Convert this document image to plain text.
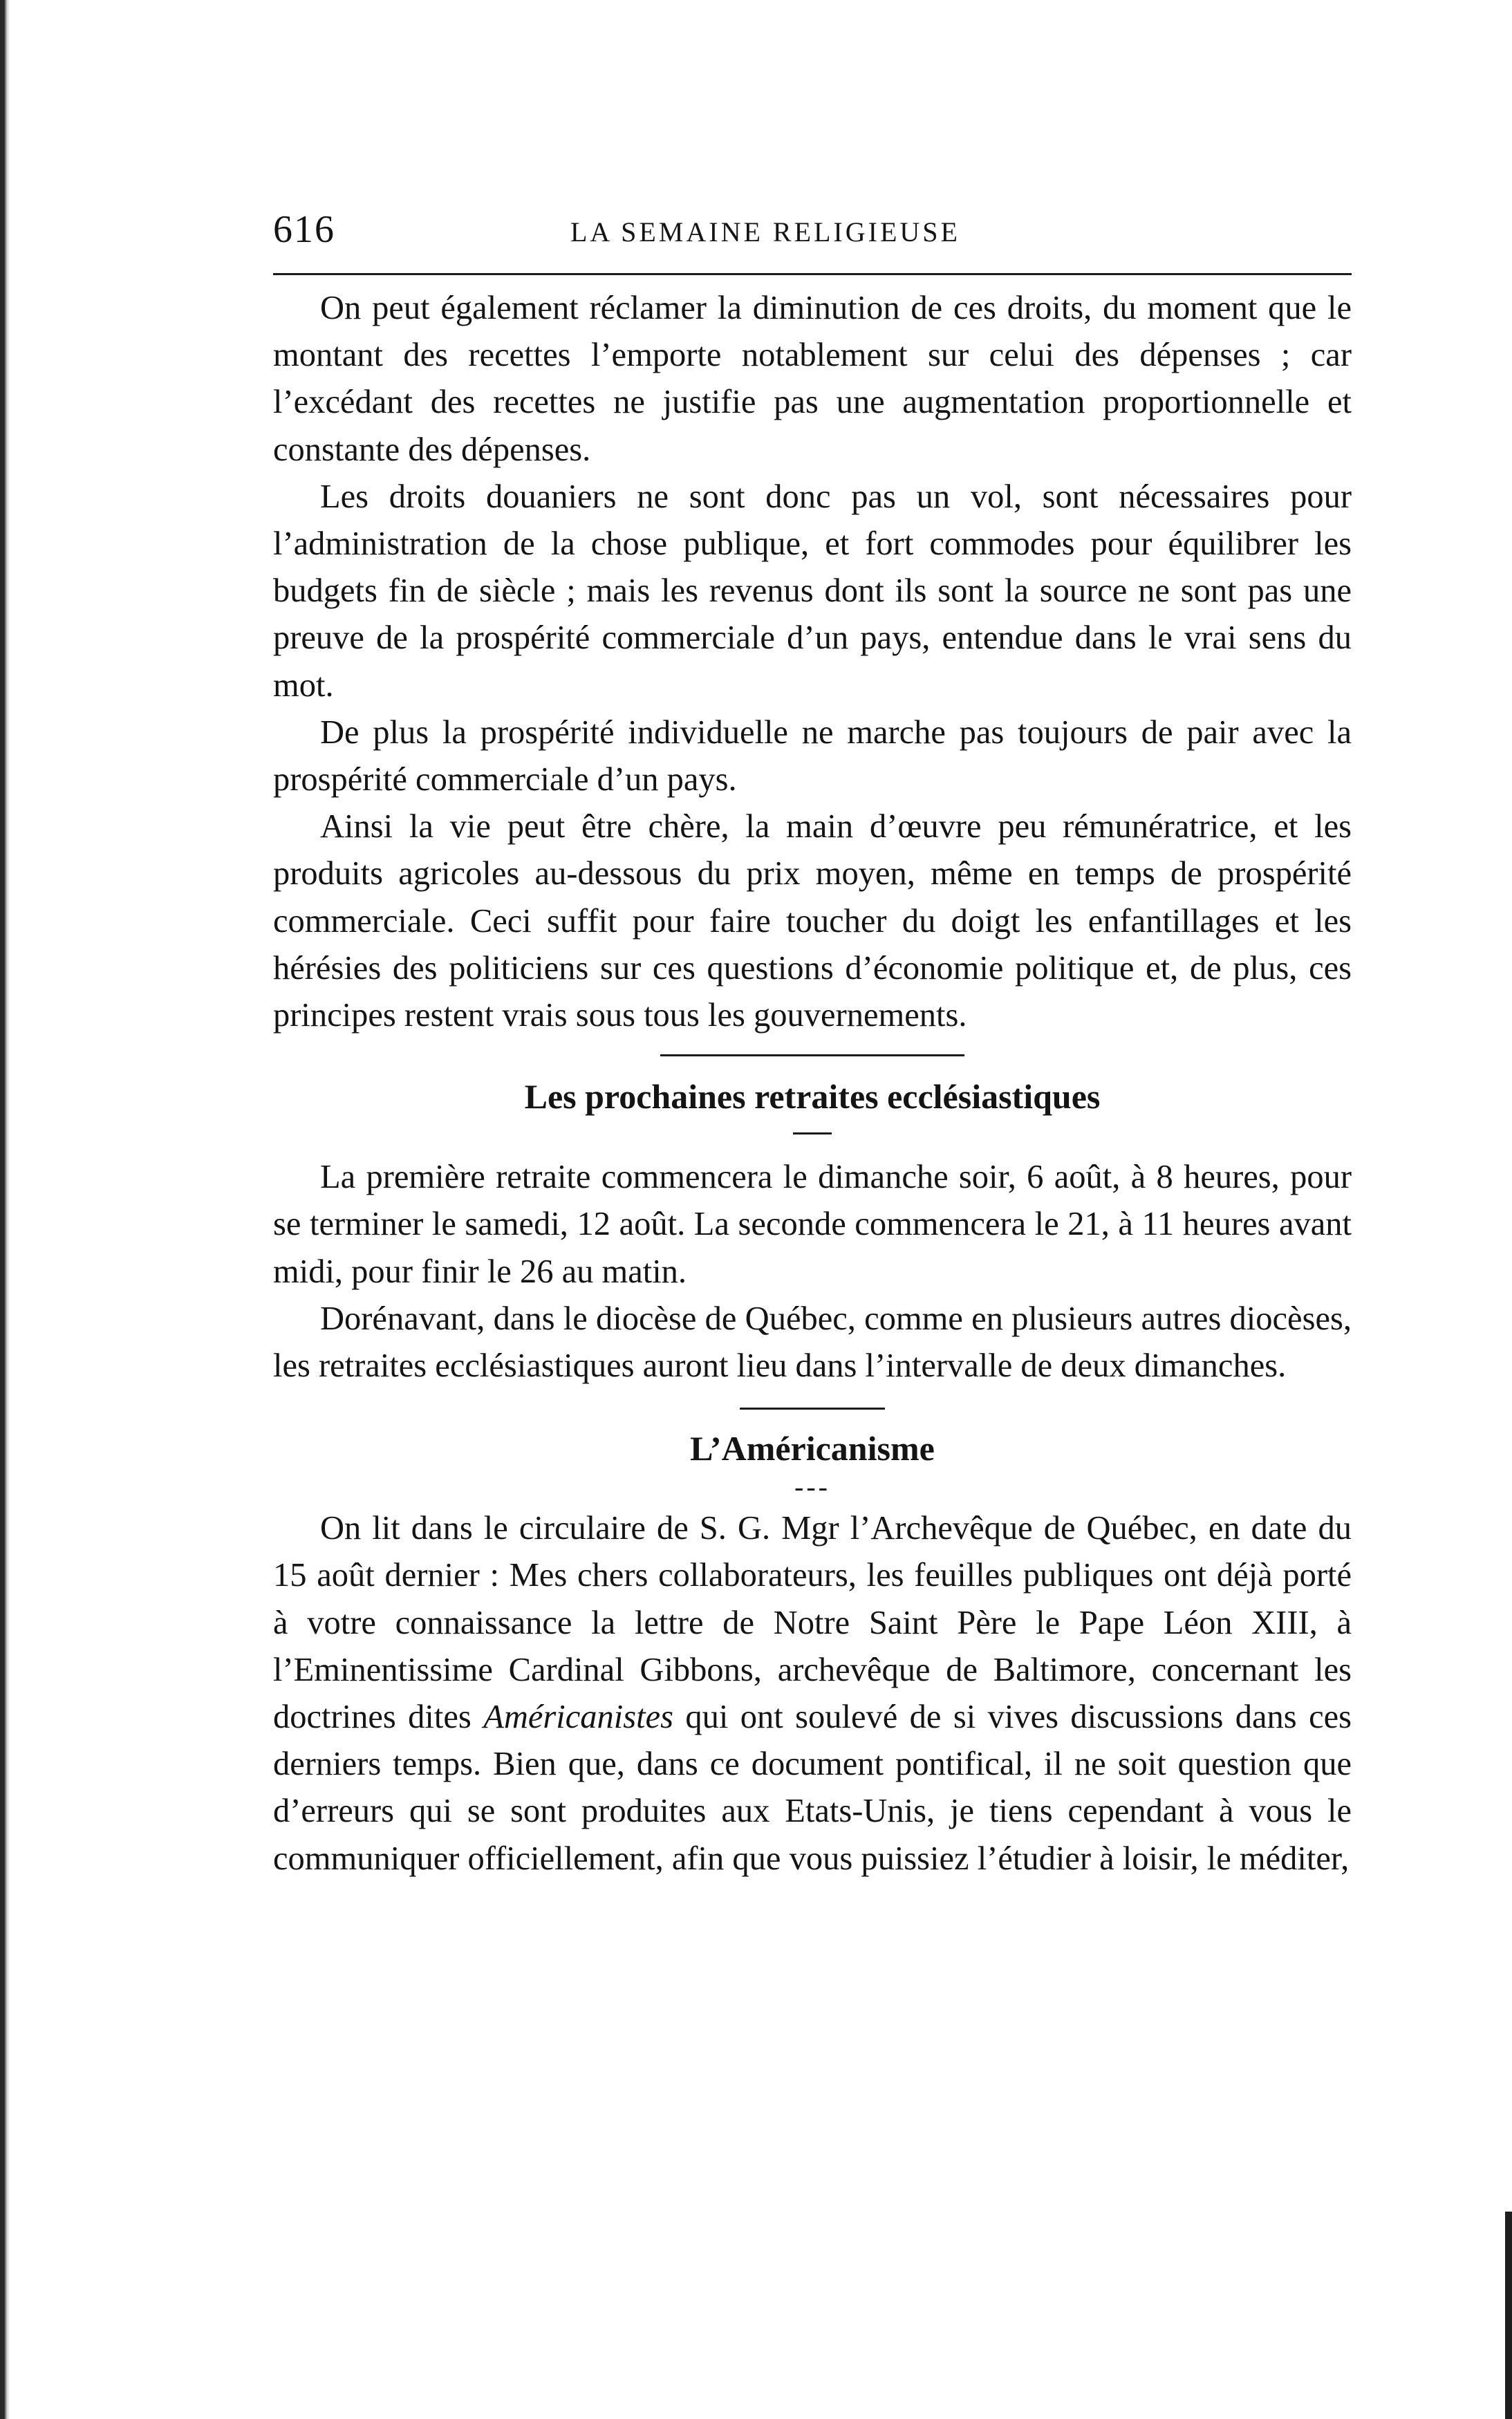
616	LA SEMAINE RELIGIEUSE

On peut également réclamer la diminution de ces droits, du moment que le montant des recettes l’emporte notablement sur celui des dépenses ; car l’excédant des recettes ne justifie pas une augmentation proportionnelle et constante des dépenses.

Les droits douaniers ne sont donc pas un vol, sont nécessaires pour l’administration de la chose publique, et fort commodes pour équilibrer les budgets fin de siècle ; mais les revenus dont ils sont la source ne sont pas une preuve de la prospérité commerciale d’un pays, entendue dans le vrai sens du mot.

De plus la prospérité individuelle ne marche pas toujours de pair avec la prospérité commerciale d’un pays.

Ainsi la vie peut être chère, la main d’œuvre peu rémunératrice, et les produits agricoles au-dessous du prix moyen, même en temps de prospérité commerciale. Ceci suffit pour faire toucher du doigt les enfantillages et les hérésies des politiciens sur ces questions d’économie politique et, de plus, ces principes restent vrais sous tous les gouvernements.

Les prochaines retraites ecclésiastiques

La première retraite commencera le dimanche soir, 6 août, à 8 heures, pour se terminer le samedi, 12 août. La seconde commencera le 21, à 11 heures avant midi, pour finir le 26 au matin.

Dorénavant, dans le diocèse de Québec, comme en plusieurs autres diocèses, les retraites ecclésiastiques auront lieu dans l’intervalle de deux dimanches.

L’Américanisme

---

On lit dans le circulaire de S. G. Mgr l’Archevêque de Québec, en date du 15 août dernier : Mes chers collaborateurs, les feuilles publiques ont déjà porté à votre connaissance la lettre de Notre Saint Père le Pape Léon XIII, à l’Eminentissime Cardinal Gibbons, archevêque de Baltimore, concernant les doctrines dites Américanistes qui ont soulevé de si vives discussions dans ces derniers temps. Bien que, dans ce document pontifical, il ne soit question que d’erreurs qui se sont produites aux Etats-Unis, je tiens cependant à vous le communiquer officiellement, afin que vous puissiez l’étudier à loisir, le méditer,
